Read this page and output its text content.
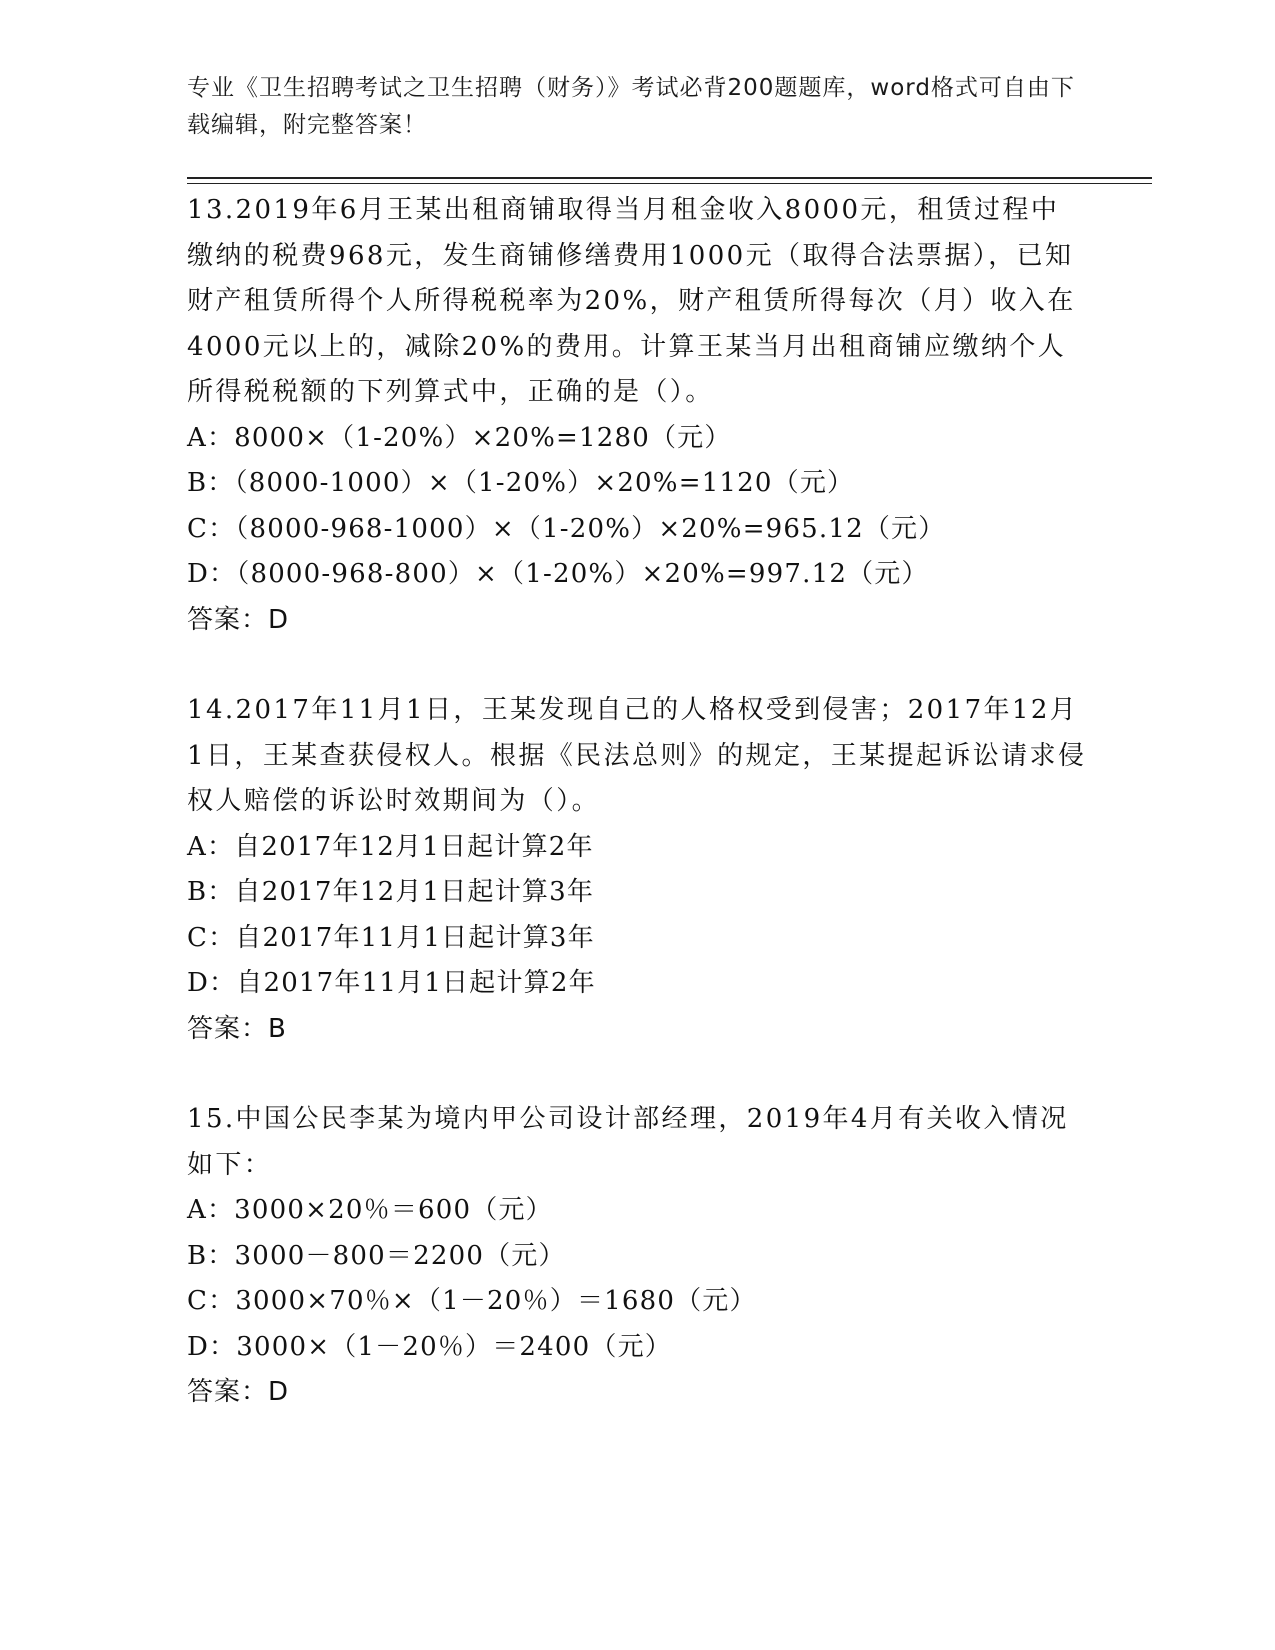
专业《卫生招聘考试之卫生招聘（财务）》考试必背200题题库，word格式可自由下载编辑，附完整答案！
13.2019年6月王某出租商铺取得当月租金收入8000元，租赁过程中缴纳的税费968元，发生商铺修缮费用1000元（取得合法票据），已知财产租赁所得个人所得税税率为20%，财产租赁所得每次（月）收入在4000元以上的，减除20%的费用。计算王某当月出租商铺应缴纳个人所得税税额的下列算式中，正确的是（）。
A：8000×（1-20%）×20%=1280（元）
B：（8000-1000）×（1-20%）×20%=1120（元）
C：（8000-968-1000）×（1-20%）×20%=965.12（元）
D：（8000-968-800）×（1-20%）×20%=997.12（元）
答案：D
14.2017年11月1日，王某发现自己的人格权受到侵害；2017年12月1日，王某查获侵权人。根据《民法总则》的规定，王某提起诉讼请求侵权人赔偿的诉讼时效期间为（）。
A：自2017年12月1日起计算2年
B：自2017年12月1日起计算3年
C：自2017年11月1日起计算3年
D：自2017年11月1日起计算2年
答案：B
15.中国公民李某为境内甲公司设计部经理，2019年4月有关收入情况如下：
A：3000×20％＝600（元）
B：3000－800＝2200（元）
C：3000×70％×（1－20％）＝1680（元）
D：3000×（1－20％）＝2400（元）
答案：D
